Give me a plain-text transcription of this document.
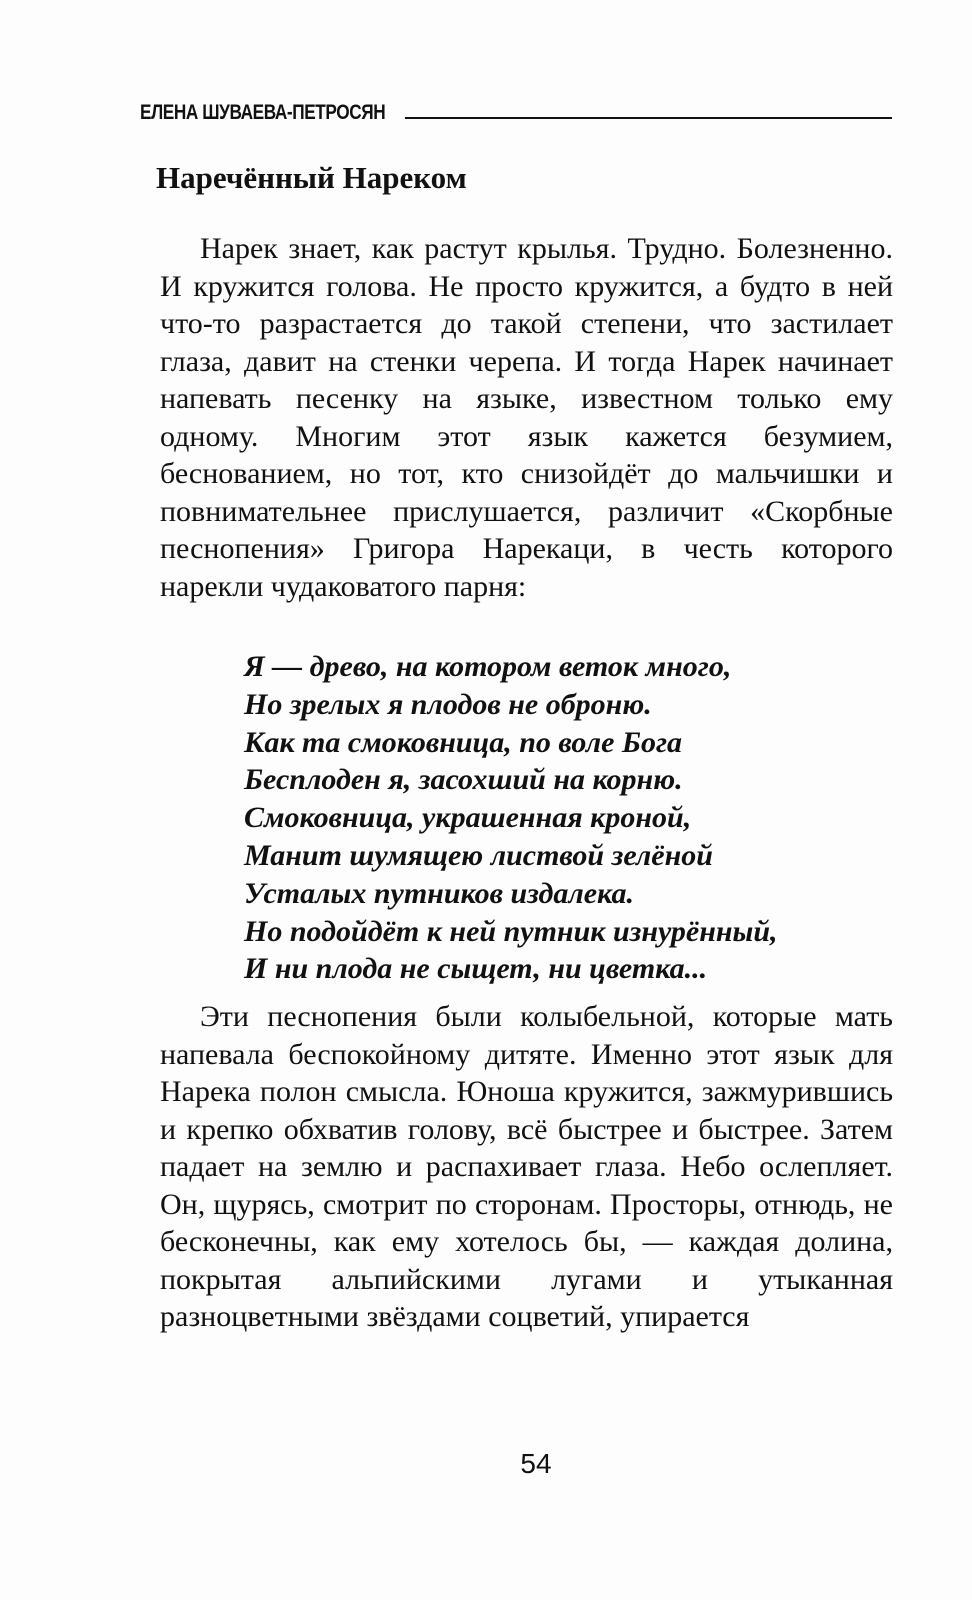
ЕЛЕНА ШУВАЕВА-ПЕТРОСЯН
Наречённый Нареком

Нарек знает, как растут крылья. Трудно. Болезненно. И кружится голова. Не просто кружится, а будто в ней что-то разрастается до такой степени, что застилает глаза, давит на стенки черепа. И тогда Нарек начинает напевать песенку на языке, известном только ему одному. Многим этот язык кажется безумием, беснованием, но тот, кто снизойдёт до мальчишки и повнимательнее прислушается, различит «Скорбные песнопения» Григора Нарекаци, в честь которого нарекли чудаковатого парня:

Я — древо, на котором веток много,
Но зрелых я плодов не оброню.
Как та смоковница, по воле Бога
Бесплоден я, засохший на корню.
Смоковница, украшенная кроной,
Манит шумящею листвой зелёной
Усталых путников издалека.
Но подойдёт к ней путник изнурённый,
И ни плода не сыщет, ни цветка...

Эти песнопения были колыбельной, которые мать напевала беспокойному дитяте. Именно этот язык для Нарека полон смысла. Юноша кружится, зажмурившись и крепко обхватив голову, всё быстрее и быстрее. Затем падает на землю и распахивает глаза. Небо ослепляет. Он, щурясь, смотрит по сторонам. Просторы, отнюдь, не бесконечны, как ему хотелось бы, — каждая долина, покрытая альпийскими лугами и утыканная разноцветными звёздами соцветий, упирается

54
